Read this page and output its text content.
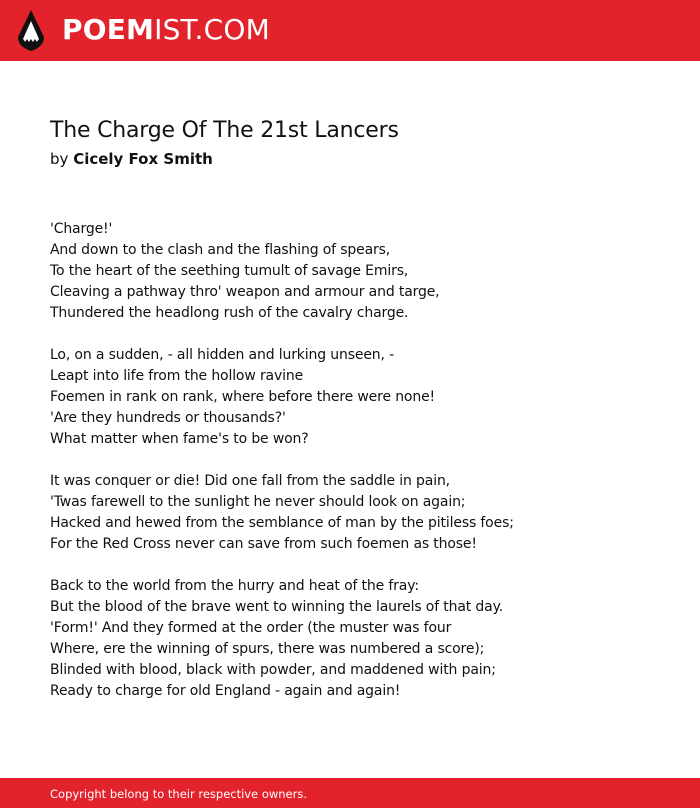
POEMIST.COM
The Charge Of The 21st Lancers
by Cicely Fox Smith
'Charge!'
And down to the clash and the flashing of spears,
To the heart of the seething tumult of savage Emirs,
Cleaving a pathway thro' weapon and armour and targe,
Thundered the headlong rush of the cavalry charge.
Lo, on a sudden, - all hidden and lurking unseen, -
Leapt into life from the hollow ravine
Foemen in rank on rank, where before there were none!
'Are they hundreds or thousands?'
What matter when fame's to be won?
It was conquer or die! Did one fall from the saddle in pain,
'Twas farewell to the sunlight he never should look on again;
Hacked and hewed from the semblance of man by the pitiless foes;
For the Red Cross never can save from such foemen as those!
Back to the world from the hurry and heat of the fray:
But the blood of the brave went to winning the laurels of that day.
'Form!' And they formed at the order (the muster was four
Where, ere the winning of spurs, there was numbered a score);
Blinded with blood, black with powder, and maddened with pain;
Ready to charge for old England - again and again!
Copyright belong to their respective owners.
